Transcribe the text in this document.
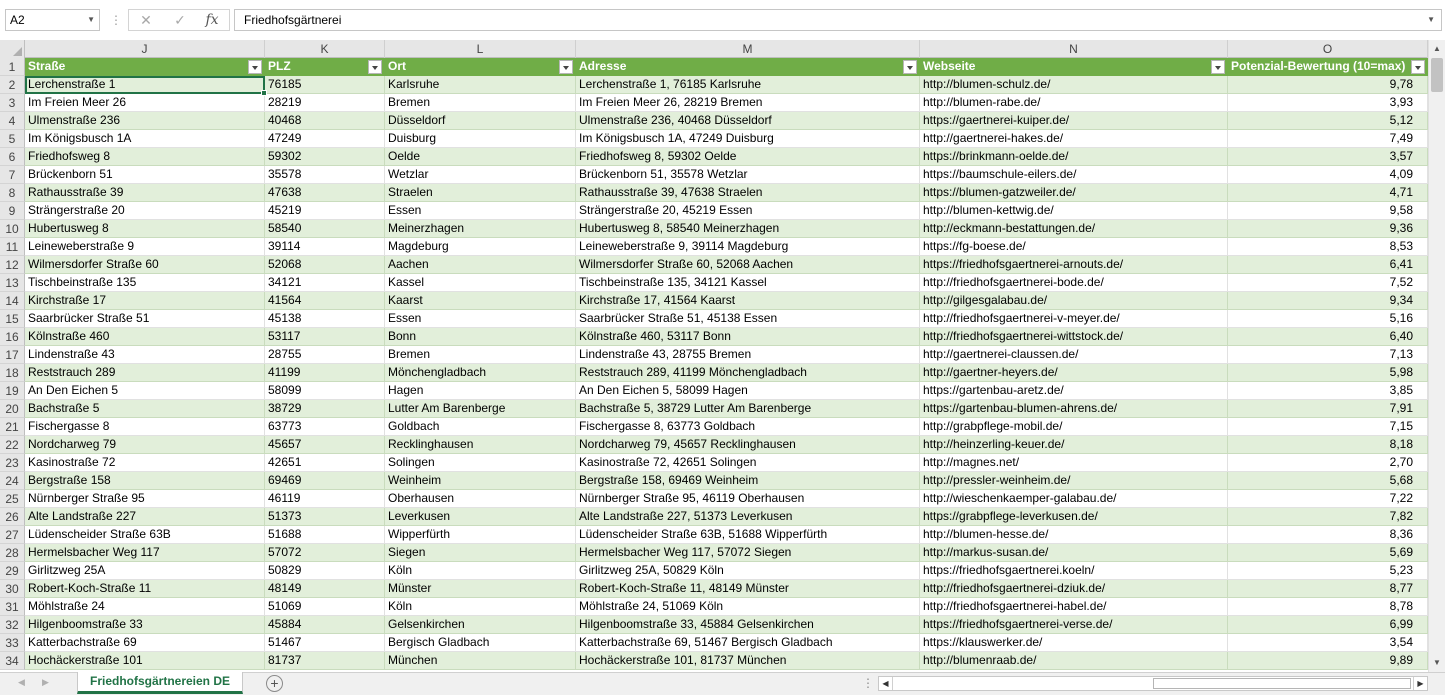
A2	▼ ⋮	✕	✓	fx	Friedhofsgärtnerei	▼
J	K	L	M	N	O
1	Straße	PLZ	Ort	Adresse	Webseite	Potenzial-Bewertung (10=max)
2	Lerchenstraße 1	76185	Karlsruhe	Lerchenstraße 1, 76185 Karlsruhe	http://blumen-schulz.de/	9,78
3	Im Freien Meer 26	28219	Bremen	Im Freien Meer 26, 28219 Bremen	http://blumen-rabe.de/	3,93
4	Ulmenstraße 236	40468	Düsseldorf	Ulmenstraße 236, 40468 Düsseldorf	https://gaertnerei-kuiper.de/	5,12
5	Im Königsbusch 1A	47249	Duisburg	Im Königsbusch 1A, 47249 Duisburg	http://gaertnerei-hakes.de/	7,49
6	Friedhofsweg 8	59302	Oelde	Friedhofsweg 8, 59302 Oelde	https://brinkmann-oelde.de/	3,57
7	Brückenborn 51	35578	Wetzlar	Brückenborn 51, 35578 Wetzlar	https://baumschule-eilers.de/	4,09
8	Rathausstraße 39	47638	Straelen	Rathausstraße 39, 47638 Straelen	https://blumen-gatzweiler.de/	4,71
9	Strängerstraße 20	45219	Essen	Strängerstraße 20, 45219 Essen	http://blumen-kettwig.de/	9,58
10 Hubertusweg 8	58540	Meinerzhagen	Hubertusweg 8, 58540 Meinerzhagen	http://eckmann-bestattungen.de/	9,36
11 Leineweberstraße 9	39114	Magdeburg	Leineweberstraße 9, 39114 Magdeburg	https://fg-boese.de/	8,53
12 Wilmersdorfer Straße 60	52068	Aachen	Wilmersdorfer Straße 60, 52068 Aachen	https://friedhofsgaertnerei-arnouts.de/	6,41
13 Tischbeinstraße 135	34121	Kassel	Tischbeinstraße 135, 34121 Kassel	http://friedhofsgaertnerei-bode.de/	7,52
14 Kirchstraße 17	41564	Kaarst	Kirchstraße 17, 41564 Kaarst	http://gilgesgalabau.de/	9,34
15 Saarbrücker Straße 51	45138	Essen	Saarbrücker Straße 51, 45138 Essen	http://friedhofsgaertnerei-v-meyer.de/	5,16
16 Kölnstraße 460	53117	Bonn	Kölnstraße 460, 53117 Bonn	http://friedhofsgaertnerei-wittstock.de/	6,40
17 Lindenstraße 43	28755	Bremen	Lindenstraße 43, 28755 Bremen	http://gaertnerei-claussen.de/	7,13
18 Reststrauch 289	41199	Mönchengladbach	Reststrauch 289, 41199 Mönchengladbach	http://gaertner-heyers.de/	5,98
19 An Den Eichen 5	58099	Hagen	An Den Eichen 5, 58099 Hagen	https://gartenbau-aretz.de/	3,85
20 Bachstraße 5	38729	Lutter Am Barenberge	Bachstraße 5, 38729 Lutter Am Barenberge	https://gartenbau-blumen-ahrens.de/	7,91
21 Fischergasse 8	63773	Goldbach	Fischergasse 8, 63773 Goldbach	http://grabpflege-mobil.de/	7,15
22 Nordcharweg 79	45657	Recklinghausen	Nordcharweg 79, 45657 Recklinghausen	http://heinzerling-keuer.de/	8,18
23 Kasinostraße 72	42651	Solingen	Kasinostraße 72, 42651 Solingen	http://magnes.net/	2,70
24 Bergstraße 158	69469	Weinheim	Bergstraße 158, 69469 Weinheim	http://pressler-weinheim.de/	5,68
25 Nürnberger Straße 95	46119	Oberhausen	Nürnberger Straße 95, 46119 Oberhausen	http://wieschenkaemper-galabau.de/	7,22
26 Alte Landstraße 227	51373	Leverkusen	Alte Landstraße 227, 51373 Leverkusen	https://grabpflege-leverkusen.de/	7,82
27 Lüdenscheider Straße 63B	51688	Wipperfürth	Lüdenscheider Straße 63B, 51688 Wipperfürth	http://blumen-hesse.de/	8,36
28 Hermelsbacher Weg 117	57072	Siegen	Hermelsbacher Weg 117, 57072 Siegen	http://markus-susan.de/	5,69
29 Girlitzweg 25A	50829	Köln	Girlitzweg 25A, 50829 Köln	https://friedhofsgaertnerei.koeln/	5,23
30 Robert-Koch-Straße 11	48149	Münster	Robert-Koch-Straße 11, 48149 Münster	http://friedhofsgaertnerei-dziuk.de/	8,77
31 Möhlstraße 24	51069	Köln	Möhlstraße 24, 51069 Köln	http://friedhofsgaertnerei-habel.de/	8,78
32 Hilgenboomstraße 33	45884	Gelsenkirchen	Hilgenboomstraße 33, 45884 Gelsenkirchen	https://friedhofsgaertnerei-verse.de/	6,99
33 Katterbachstraße 69	51467	Bergisch Gladbach	Katterbachstraße 69, 51467 Bergisch Gladbach	https://klauswerker.de/	3,54
34 Hochäckerstraße 101	81737	München	Hochäckerstraße 101, 81737 München	http://blumenraab.de/	9,89
▲
▼
◀ ▶	Friedhofsgärtnereien DE	+	⋮	◀	▶
